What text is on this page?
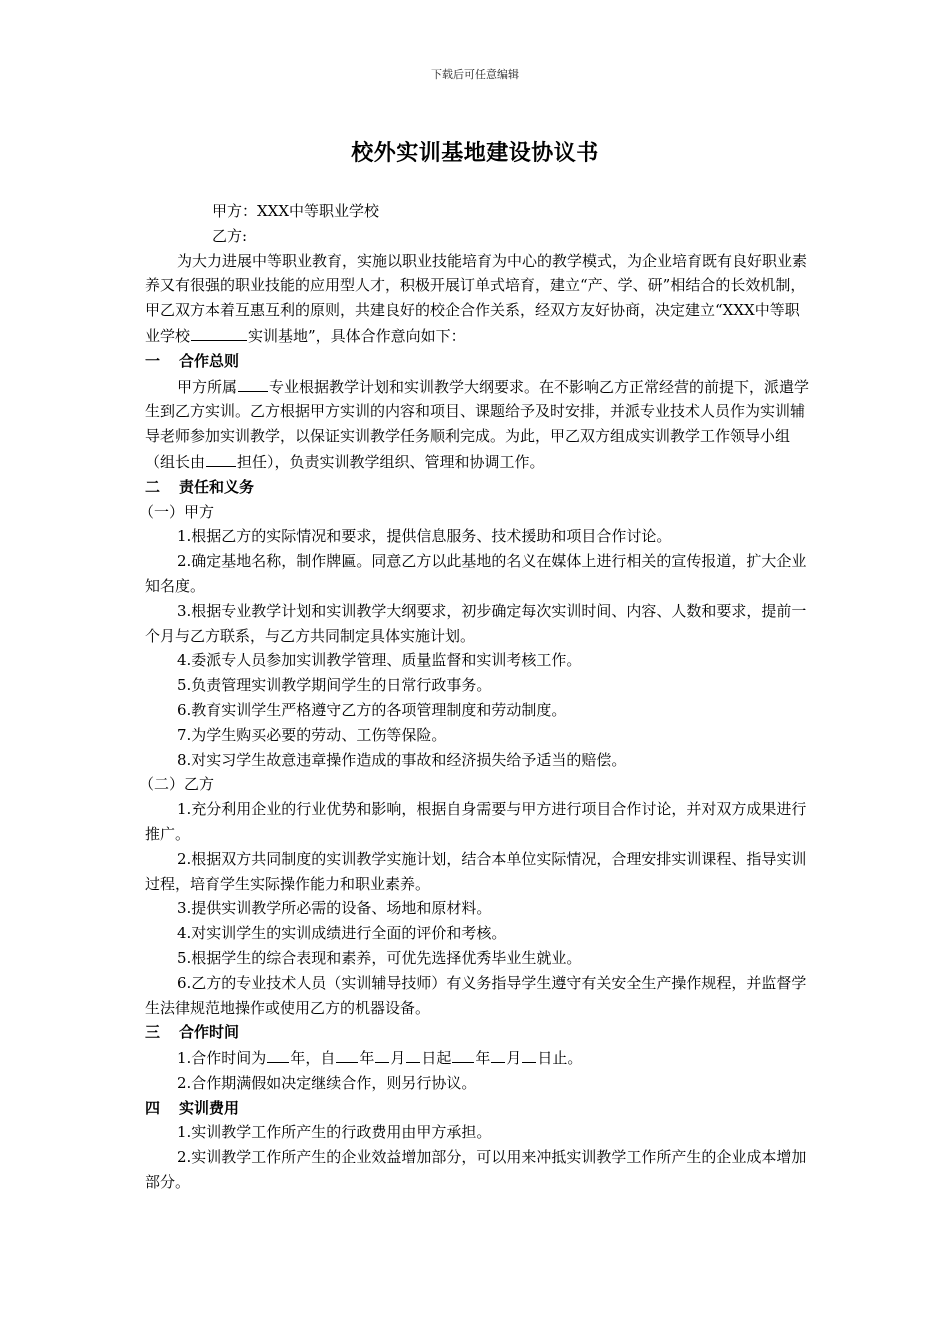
下载后可任意编辑
校外实训基地建设协议书

甲方：XXX中等职业学校

乙方:

为大力进展中等职业教育，实施以职业技能培育为中心的教学模式，为企业培育既有良好职业素养又有很强的职业技能的应用型人才，积极开展订单式培育，建立“产、学、研”相结合的长效机制，甲乙双方本着互惠互利的原则，共建良好的校企合作关系，经双方友好协商，决定建立“XXX中等职业学校	实训基地”，具体合作意向如下：

一 合作总则

甲方所属 专业根据教学计划和实训教学大纲要求。在不影响乙方正常经营的前提下，派遣学生到乙方实训。乙方根据甲方实训的内容和项目、课题给予及时安排，并派专业技术人员作为实训辅导老师参加实训教学，以保证实训教学任务顺利完成。为此，甲乙双方组成实训教学工作领导小组（组长由 担任），负责实训教学组织、管理和协调工作。

二 责任和义务

（一）甲方

1.根据乙方的实际情况和要求，提供信息服务、技术援助和项目合作讨论。

2.确定基地名称，制作牌匾。同意乙方以此基地的名义在媒体上进行相关的宣传报道，扩大企业知名度。

3.根据专业教学计划和实训教学大纲要求，初步确定每次实训时间、内容、人数和要求，提前一个月与乙方联系，与乙方共同制定具体实施计划。

4.委派专人员参加实训教学管理、质量监督和实训考核工作。

5.负责管理实训教学期间学生的日常行政事务。

6.教育实训学生严格遵守乙方的各项管理制度和劳动制度。

7.为学生购买必要的劳动、工伤等保险。

8.对实习学生故意违章操作造成的事故和经济损失给予适当的赔偿。

（二）乙方

1.充分利用企业的行业优势和影响，根据自身需要与甲方进行项目合作讨论，并对双方成果进行推广。

2.根据双方共同制度的实训教学实施计划，结合本单位实际情况，合理安排实训课程、指导实训过程，培育学生实际操作能力和职业素养。

3.提供实训教学所必需的设备、场地和原材料。

4.对实训学生的实训成绩进行全面的评价和考核。

5.根据学生的综合表现和素养，可优先选择优秀毕业生就业。

6.乙方的专业技术人员（实训辅导技师）有义务指导学生遵守有关安全生产操作规程，并监督学生法律规范地操作或使用乙方的机器设备。

三 合作时间

1.合作时间为 年，自 年 月 日起 年 月 日止。

2.合作期满假如决定继续合作，则另行协议。

四 实训费用

1.实训教学工作所产生的行政费用由甲方承担。

2.实训教学工作所产生的企业效益增加部分，可以用来冲抵实训教学工作所产生的企业成本增加部分。
